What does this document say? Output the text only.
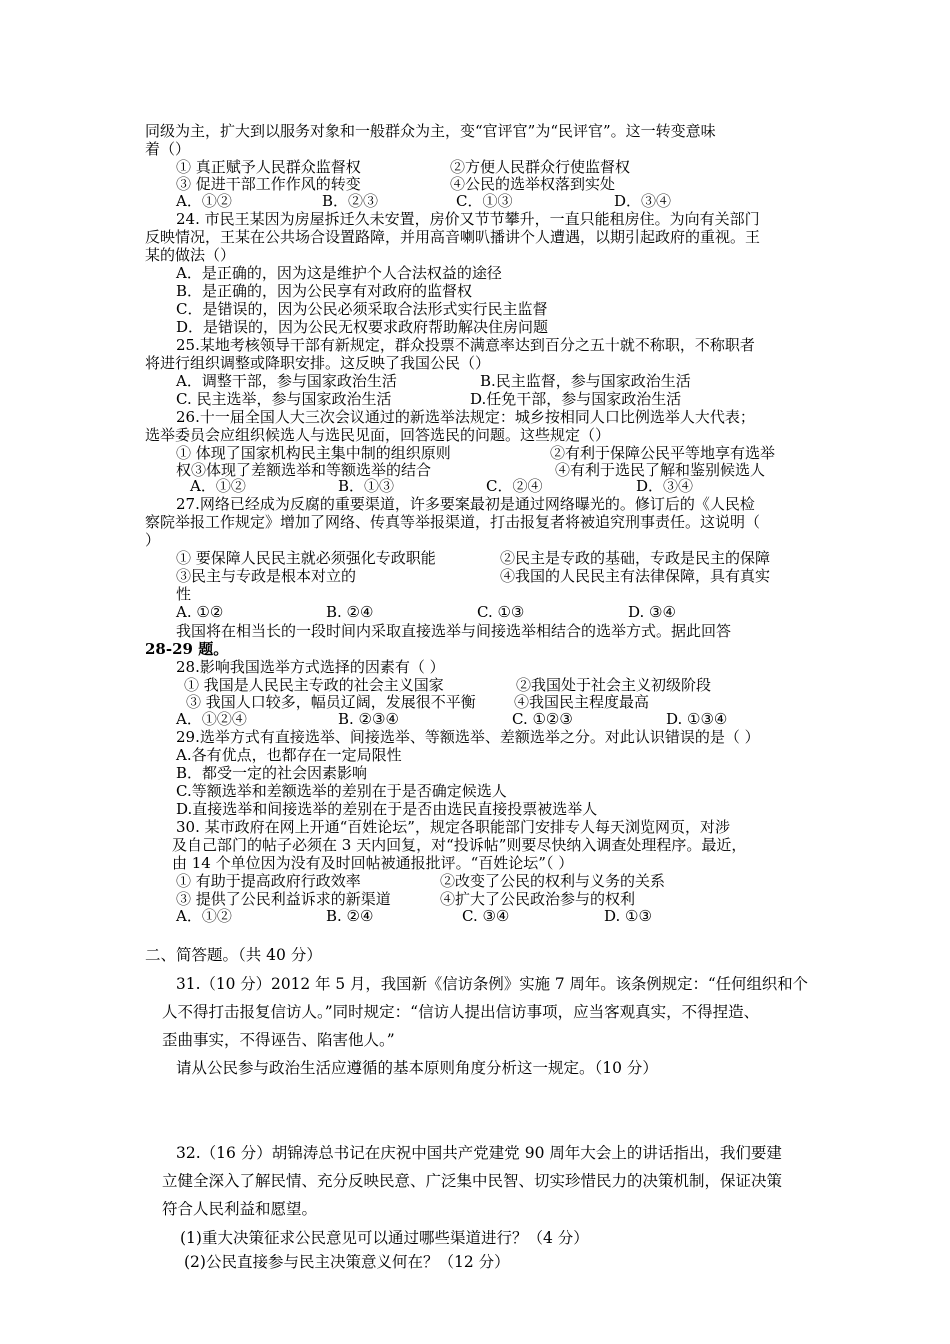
同级为主，扩大到以服务对象和一般群众为主，变“官评官”为“民评官”。这一转变意味
着（）
① 真正赋予人民群众监督权	②方便人民群众行使监督权
③ 促进干部工作作风的转变	④公民的选举权落到实处
A．①②	B．②③	C．①③	D．③④
24. 市民王某因为房屋拆迁久未安置，房价又节节攀升，一直只能租房住。为向有关部门
反映情况，王某在公共场合设置路障，并用高音喇叭播讲个人遭遇，以期引起政府的重视。王
某的做法（）
A．是正确的，因为这是维护个人合法权益的途径
B．是正确的，因为公民享有对政府的监督权
C．是错误的，因为公民必须采取合法形式实行民主监督
D．是错误的，因为公民无权要求政府帮助解决住房问题
25.某地考核领导干部有新规定，群众投票不满意率达到百分之五十就不称职，不称职者
将进行组织调整或降职安排。这反映了我国公民（）
A．调整干部，参与国家政治生活	B.民主监督，参与国家政治生活
C. 民主选举，参与国家政治生活	D.任免干部，参与国家政治生活
26.十一届全国人大三次会议通过的新选举法规定：城乡按相同人口比例选举人大代表；
选举委员会应组织候选人与选民见面，回答选民的问题。这些规定（）
① 体现了国家机构民主集中制的组织原则	②有利于保障公民平等地享有选举
权③体现了差额选举和等额选举的结合	④有利于选民了解和鉴别候选人
A．①②	B．①③	C．②④	D．③④
27.网络已经成为反腐的重要渠道，许多要案最初是通过网络曝光的。修订后的《人民检
察院举报工作规定》增加了网络、传真等举报渠道，打击报复者将被追究刑事责任。这说明（
）
① 要保障人民民主就必须强化专政职能	②民主是专政的基础，专政是民主的保障
③民主与专政是根本对立的	④我国的人民民主有法律保障，具有真实
性
A. ①②	B. ②④	C. ①③	D. ③④
我国将在相当长的一段时间内采取直接选举与间接选举相结合的选举方式。据此回答
28-29 题。
28.影响我国选举方式选择的因素有（ ）
① 我国是人民民主专政的社会主义国家	②我国处于社会主义初级阶段
③ 我国人口较多，幅员辽阔，发展很不平衡	④我国民主程度最高
A．①②④	B. ②③④	C. ①②③	D. ①③④
29.选举方式有直接选举、间接选举、等额选举、差额选举之分。对此认识错误的是（ ）
A.各有优点，也都存在一定局限性
B．都受一定的社会因素影响
C.等额选举和差额选举的差别在于是否确定候选人
D.直接选举和间接选举的差别在于是否由选民直接投票被选举人
30. 某市政府在网上开通“百姓论坛”，规定各职能部门安排专人每天浏览网页，对涉
及自己部门的帖子必须在 3 天内回复，对“投诉帖”则要尽快纳入调查处理程序。最近，
由 14 个单位因为没有及时回帖被通报批评。“百姓论坛”（ ）
① 有助于提高政府行政效率	②改变了公民的权利与义务的关系
③ 提供了公民利益诉求的新渠道	④扩大了公民政治参与的权利
A．①②	B. ②④	C. ③④	D. ①③
二、简答题。（共 40 分）
31.（10 分）2012 年 5 月，我国新《信访条例》实施 7 周年。该条例规定：“任何组织和个
人不得打击报复信访人。”同时规定：“信访人提出信访事项，应当客观真实，不得捏造、
歪曲事实，不得诬告、陷害他人。”
请从公民参与政治生活应遵循的基本原则角度分析这一规定。（10 分）
32.（16 分）胡锦涛总书记在庆祝中国共产党建党 90 周年大会上的讲话指出，我们要建
立健全深入了解民情、充分反映民意、广泛集中民智、切实珍惜民力的决策机制，保证决策
符合人民利益和愿望。
(1)重大决策征求公民意见可以通过哪些渠道进行？（4 分）
(2)公民直接参与民主决策意义何在？（12 分）
